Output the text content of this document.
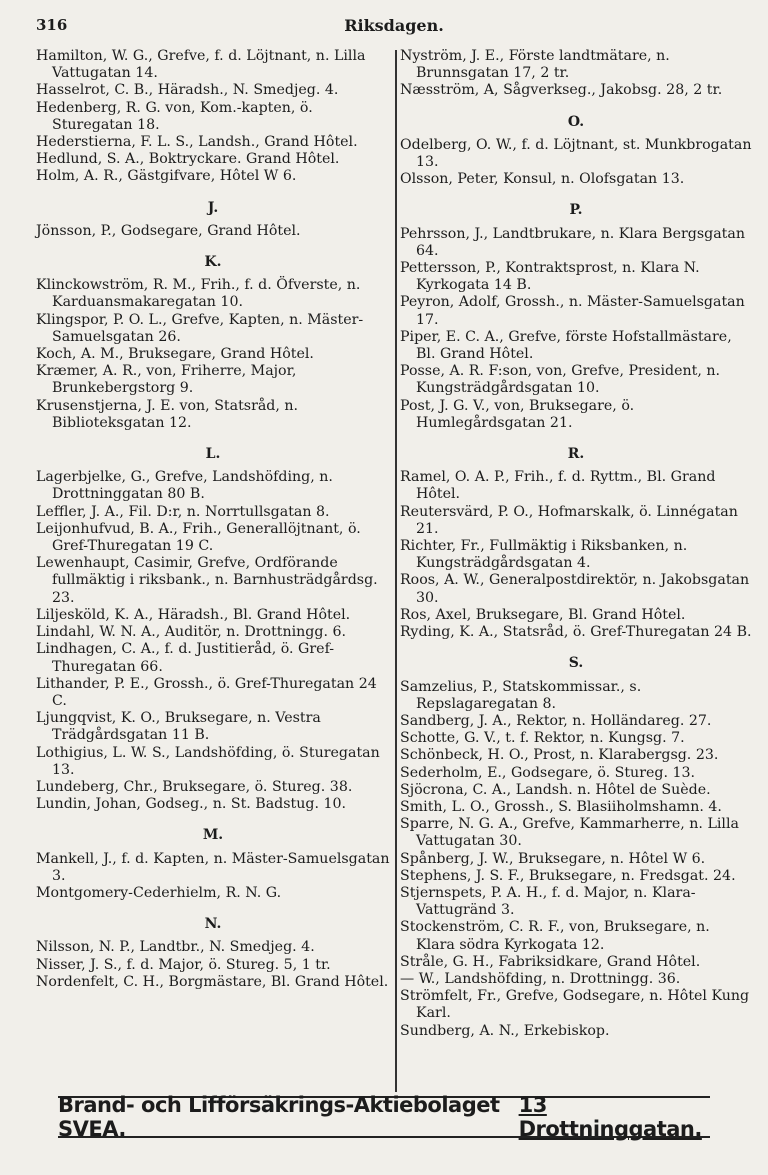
316	Riksdagen.

Hamilton, W. G., Grefve, f. d. Löjtnant, n. Lilla Vattugatan 14.

Hasselrot, C. B., Häradsh., N. Smedjeg. 4.

Hedenberg, R. G. von, Kom.-kapten, ö. Sturegatan 18.

Hederstierna, F. L. S., Landsh., Grand Hôtel.

Hedlund, S. A., Boktryckare. Grand Hôtel.

Holm, A. R., Gästgifvare, Hôtel W 6.

J.

Jönsson, P., Godsegare, Grand Hôtel.

K.

Klinckowström, R. M., Frih., f. d. Öfverste, n. Karduansmakaregatan 10.

Klingspor, P. O. L., Grefve, Kapten, n. Mäster-Samuelsgatan 26.

Koch, A. M., Bruksegare, Grand Hôtel.

Kræmer, A. R., von, Friherre, Major, Brunkebergstorg 9.

Krusenstjerna, J. E. von, Statsråd, n. Biblioteksgatan 12.

L.

Lagerbjelke, G., Grefve, Landshöfding, n. Drottninggatan 80 B.

Leffler, J. A., Fil. D:r, n. Norrtullsgatan 8.

Leijonhufvud, B. A., Frih., Generallöjtnant, ö. Gref-Thuregatan 19 C.

Lewenhaupt, Casimir, Grefve, Ordförande fullmäktig i riksbank., n. Barnhusträdgårdsg. 23.

Liljesköld, K. A., Häradsh., Bl. Grand Hôtel.

Lindahl, W. N. A., Auditör, n. Drottningg. 6.

Lindhagen, C. A., f. d. Justitieråd, ö. Gref-Thuregatan 66.

Lithander, P. E., Grossh., ö. Gref-Thuregatan 24 C.

Ljungqvist, K. O., Bruksegare, n. Vestra Trädgårdsgatan 11 B.

Lothigius, L. W. S., Landshöfding, ö. Sturegatan 13.

Lundeberg, Chr., Bruksegare, ö. Stureg. 38.

Lundin, Johan, Godseg., n. St. Badstug. 10.

M.

Mankell, J., f. d. Kapten, n. Mäster-Samuelsgatan 3.

Montgomery-Cederhielm, R. N. G.

N.

Nilsson, N. P., Landtbr., N. Smedjeg. 4.

Nisser, J. S., f. d. Major, ö. Stureg. 5, 1 tr.

Nordenfelt, C. H., Borgmästare, Bl. Grand Hôtel.

Nyström, J. E., Förste landtmätare, n. Brunnsgatan 17, 2 tr.

Næsström, A, Sågverkseg., Jakobsg. 28, 2 tr.

O.

Odelberg, O. W., f. d. Löjtnant, st. Munkbrogatan 13.

Olsson, Peter, Konsul, n. Olofsgatan 13.

P.

Pehrsson, J., Landtbrukare, n. Klara Bergsgatan 64.

Pettersson, P., Kontraktsprost, n. Klara N. Kyrkogata 14 B.

Peyron, Adolf, Grossh., n. Mäster-Samuelsgatan 17.

Piper, E. C. A., Grefve, förste Hofstallmästare, Bl. Grand Hôtel.

Posse, A. R. F:son, von, Grefve, President, n. Kungsträdgårdsgatan 10.

Post, J. G. V., von, Bruksegare, ö. Humlegårdsgatan 21.

R.

Ramel, O. A. P., Frih., f. d. Ryttm., Bl. Grand Hôtel.

Reutersvärd, P. O., Hofmarskalk, ö. Linnégatan 21.

Richter, Fr., Fullmäktig i Riksbanken, n. Kungsträdgårdsgatan 4.

Roos, A. W., Generalpostdirektör, n. Jakobsgatan 30.

Ros, Axel, Bruksegare, Bl. Grand Hôtel.

Ryding, K. A., Statsråd, ö. Gref-Thuregatan 24 B.

S.

Samzelius, P., Statskommissar., s. Repslagaregatan 8.

Sandberg, J. A., Rektor, n. Holländareg. 27.

Schotte, G. V., t. f. Rektor, n. Kungsg. 7.

Schönbeck, H. O., Prost, n. Klarabergsg. 23.

Sederholm, E., Godsegare, ö. Stureg. 13.

Sjöcrona, C. A., Landsh. n. Hôtel de Suède.

Smith, L. O., Grossh., S. Blasiiholmshamn. 4.

Sparre, N. G. A., Grefve, Kammarherre, n. Lilla Vattugatan 30.

Spånberg, J. W., Bruksegare, n. Hôtel W 6.

Stephens, J. S. F., Bruksegare, n. Fredsgat. 24.

Stjernspets, P. A. H., f. d. Major, n. Klara-Vattugränd 3.

Stockenström, C. R. F., von, Bruksegare, n. Klara södra Kyrkogata 12.

Stråle, G. H., Fabriksidkare, Grand Hôtel.

— W., Landshöfding, n. Drottningg. 36.

Strömfelt, Fr., Grefve, Godsegare, n. Hôtel Kung Karl.

Sundberg, A. N., Erkebiskop.

Brand- och Lifförsäkrings-Aktiebolaget SVEA.
13 Drottninggatan.
